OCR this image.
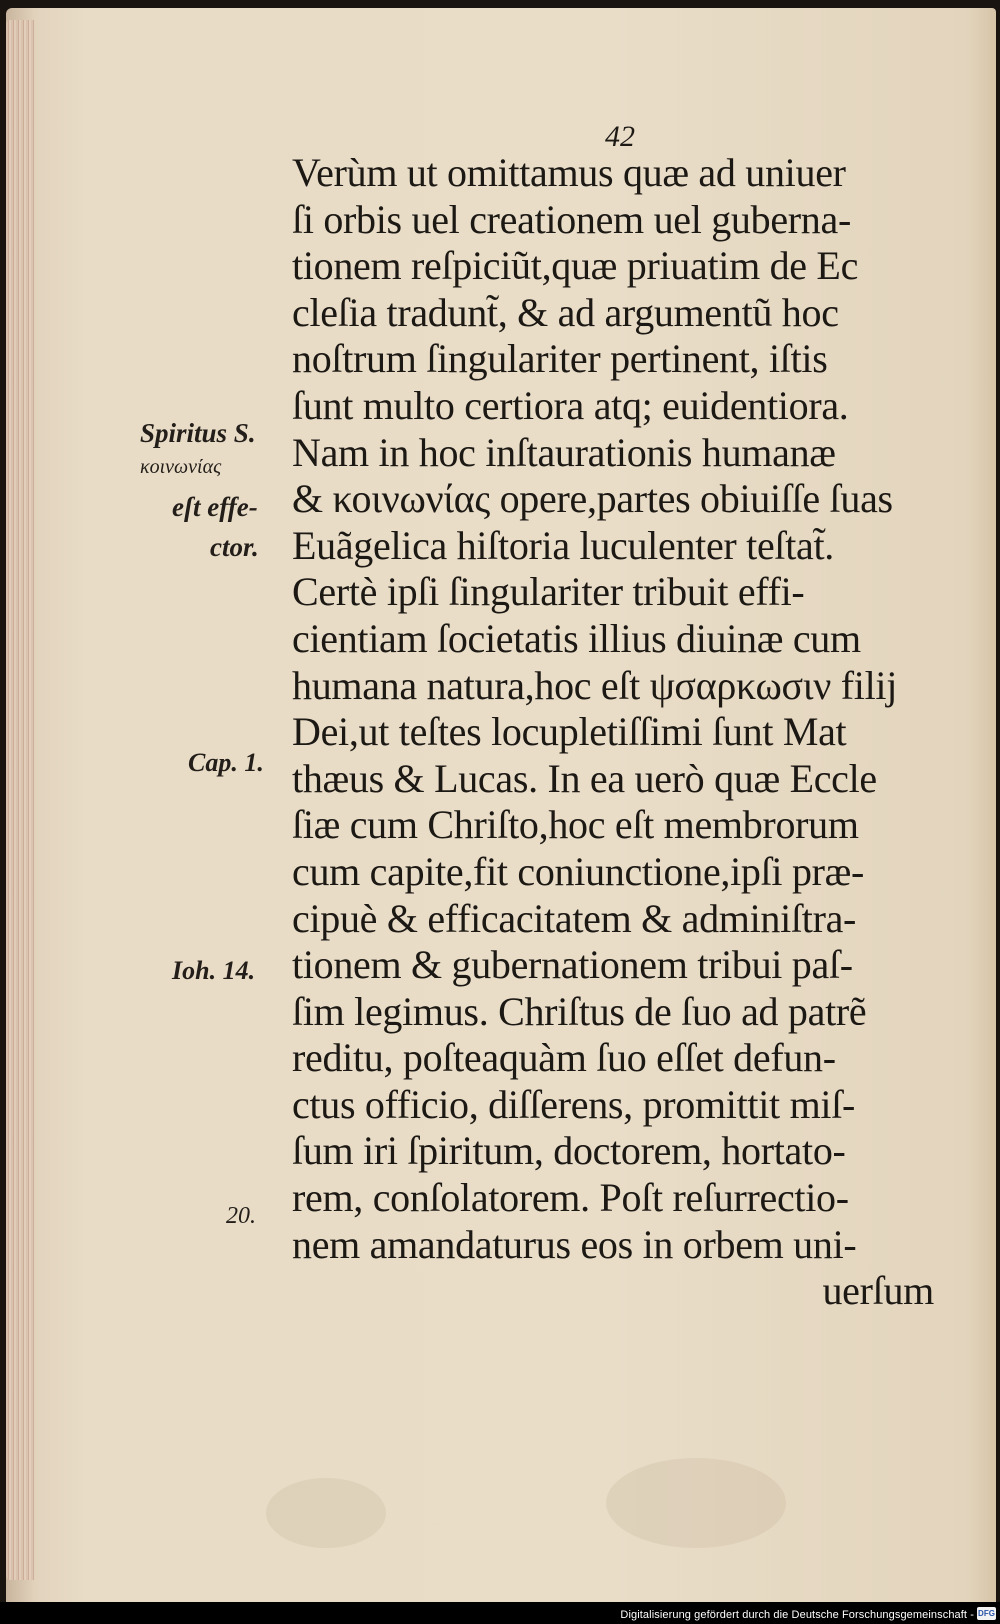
42
Verùm ut omittamus quæ ad uniuer
ſi orbis uel creationem uel guberna-
tionem reſpiciũt,quæ priuatim de Ec
cleſia tradunt̃, & ad argumentũ hoc
noſtrum ſingulariter pertinent, iſtis
ſunt multo certiora atq; euidentiora.
Nam in hoc inſtaurationis humanæ
& κοινωνίας opere,partes obiuiſſe ſuas
Euãgelica hiſtoria luculenter teſtat̃.
Certè ipſi ſingulariter tribuit effi-
cientiam ſocietatis illius diuinæ cum
humana natura,hoc eſt ψσαρκωσιν filij
Dei,ut teſtes locupletiſſimi ſunt Mat
thæus & Lucas. In ea uerò quæ Eccle
ſiæ cum Chriſto,hoc eſt membrorum
cum capite,fit coniunctione,ipſi præ-
cipuè & efficacitatem & adminiſtra-
tionem & gubernationem tribui paſ-
ſim legimus. Chriſtus de ſuo ad patrẽ
reditu, poſteaquàm ſuo eſſet defun-
ctus officio, diſſerens, promittit miſ-
ſum iri ſpiritum, doctorem, hortato-
rem, conſolatorem. Poſt reſurrectio-
nem amandaturus eos in orbem uni-
uerſum
Spiritus S.
κοινωνίας
eſt effe-
ctor.
Cap. 1.
Ioh. 14.
20.
Digitalisierung gefördert durch die Deutsche Forschungsgemeinschaft - DFG
